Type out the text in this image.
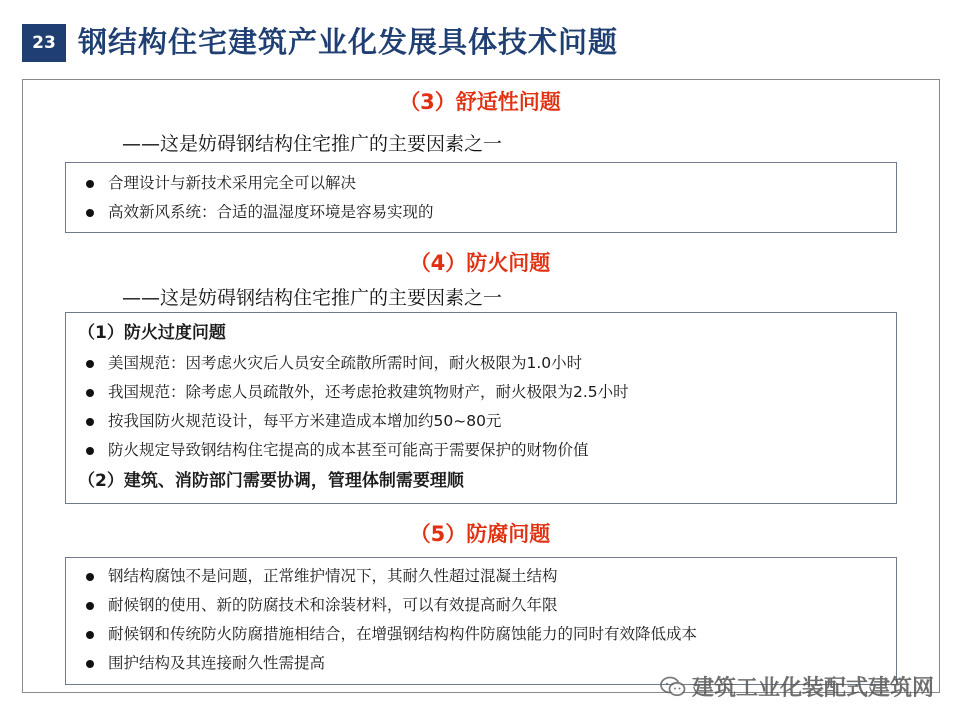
23 钢结构住宅建筑产业化发展具体技术问题
（3）舒适性问题
——这是妨碍钢结构住宅推广的主要因素之一
合理设计与新技术采用完全可以解决
高效新风系统：合适的温湿度环境是容易实现的
（4）防火问题
——这是妨碍钢结构住宅推广的主要因素之一
（1）防火过度问题
美国规范：因考虑火灾后人员安全疏散所需时间，耐火极限为1.0小时
我国规范：除考虑人员疏散外，还考虑抢救建筑物财产，耐火极限为2.5小时
按我国防火规范设计，每平方米建造成本增加约50~80元
防火规定导致钢结构住宅提高的成本甚至可能高于需要保护的财物价值
（2）建筑、消防部门需要协调，管理体制需要理顺
（5）防腐问题
钢结构腐蚀不是问题，正常维护情况下，其耐久性超过混凝土结构
耐候钢的使用、新的防腐技术和涂装材料，可以有效提高耐久年限
耐候钢和传统防火防腐措施相结合，在增强钢结构构件防腐蚀能力的同时有效降低成本
围护结构及其连接耐久性需提高
建筑工业化装配式建筑网
